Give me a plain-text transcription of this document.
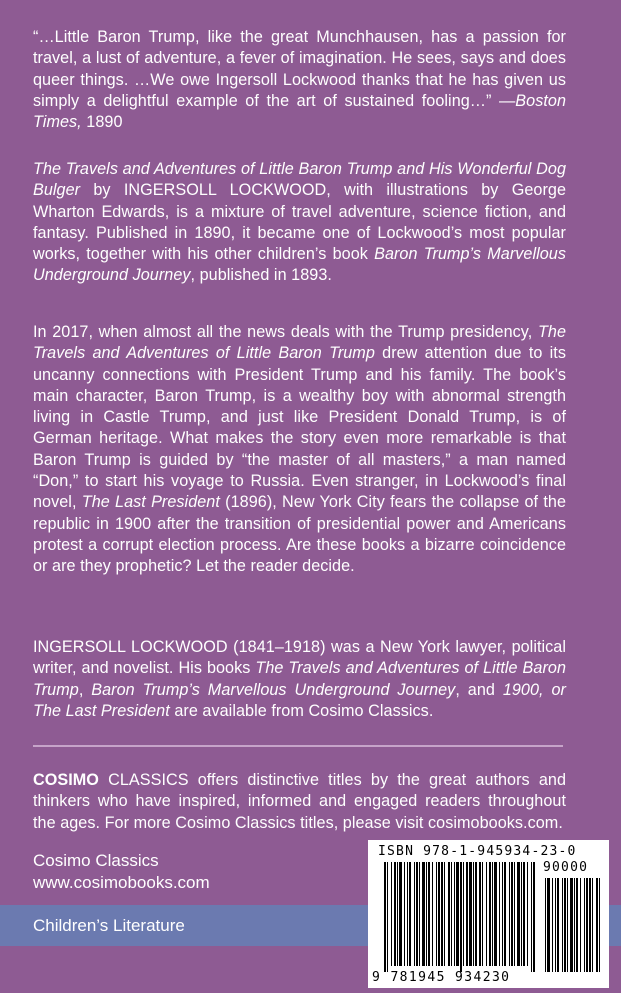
“…Little Baron Trump, like the great Munchhausen, has a passion for travel, a lust of adventure, a fever of imagination. He sees, says and does queer things. …We owe Ingersoll Lockwood thanks that he has given us simply a delightful example of the art of sustained fooling…” —Boston Times, 1890
The Travels and Adventures of Little Baron Trump and His Wonderful Dog Bulger by INGERSOLL LOCKWOOD, with illustrations by George Wharton Edwards, is a mixture of travel adventure, science fiction, and fantasy. Published in 1890, it became one of Lockwood’s most popular works, together with his other children’s book Baron Trump’s Marvellous Underground Journey, published in 1893.
In 2017, when almost all the news deals with the Trump presidency, The Travels and Adventures of Little Baron Trump drew attention due to its uncanny connections with President Trump and his family. The book’s main character, Baron Trump, is a wealthy boy with abnormal strength living in Castle Trump, and just like President Donald Trump, is of German heritage. What makes the story even more remarkable is that Baron Trump is guided by “the master of all masters,” a man named “Don,” to start his voyage to Russia. Even stranger, in Lockwood’s final novel, The Last President (1896), New York City fears the collapse of the republic in 1900 after the transition of presidential power and Americans protest a corrupt election process. Are these books a bizarre coincidence or are they prophetic? Let the reader decide.
INGERSOLL LOCKWOOD (1841–1918) was a New York lawyer, political writer, and novelist. His books The Travels and Adventures of Little Baron Trump, Baron Trump’s Marvellous Underground Journey, and 1900, or The Last President are available from Cosimo Classics.
COSIMO CLASSICS offers distinctive titles by the great authors and thinkers who have inspired, informed and engaged readers throughout the ages. For more Cosimo Classics titles, please visit cosimobooks.com.
Cosimo Classics
www.cosimobooks.com
Children’s Literature
ISBN 978-1-945934-23-0
90000
9 781945 934230
